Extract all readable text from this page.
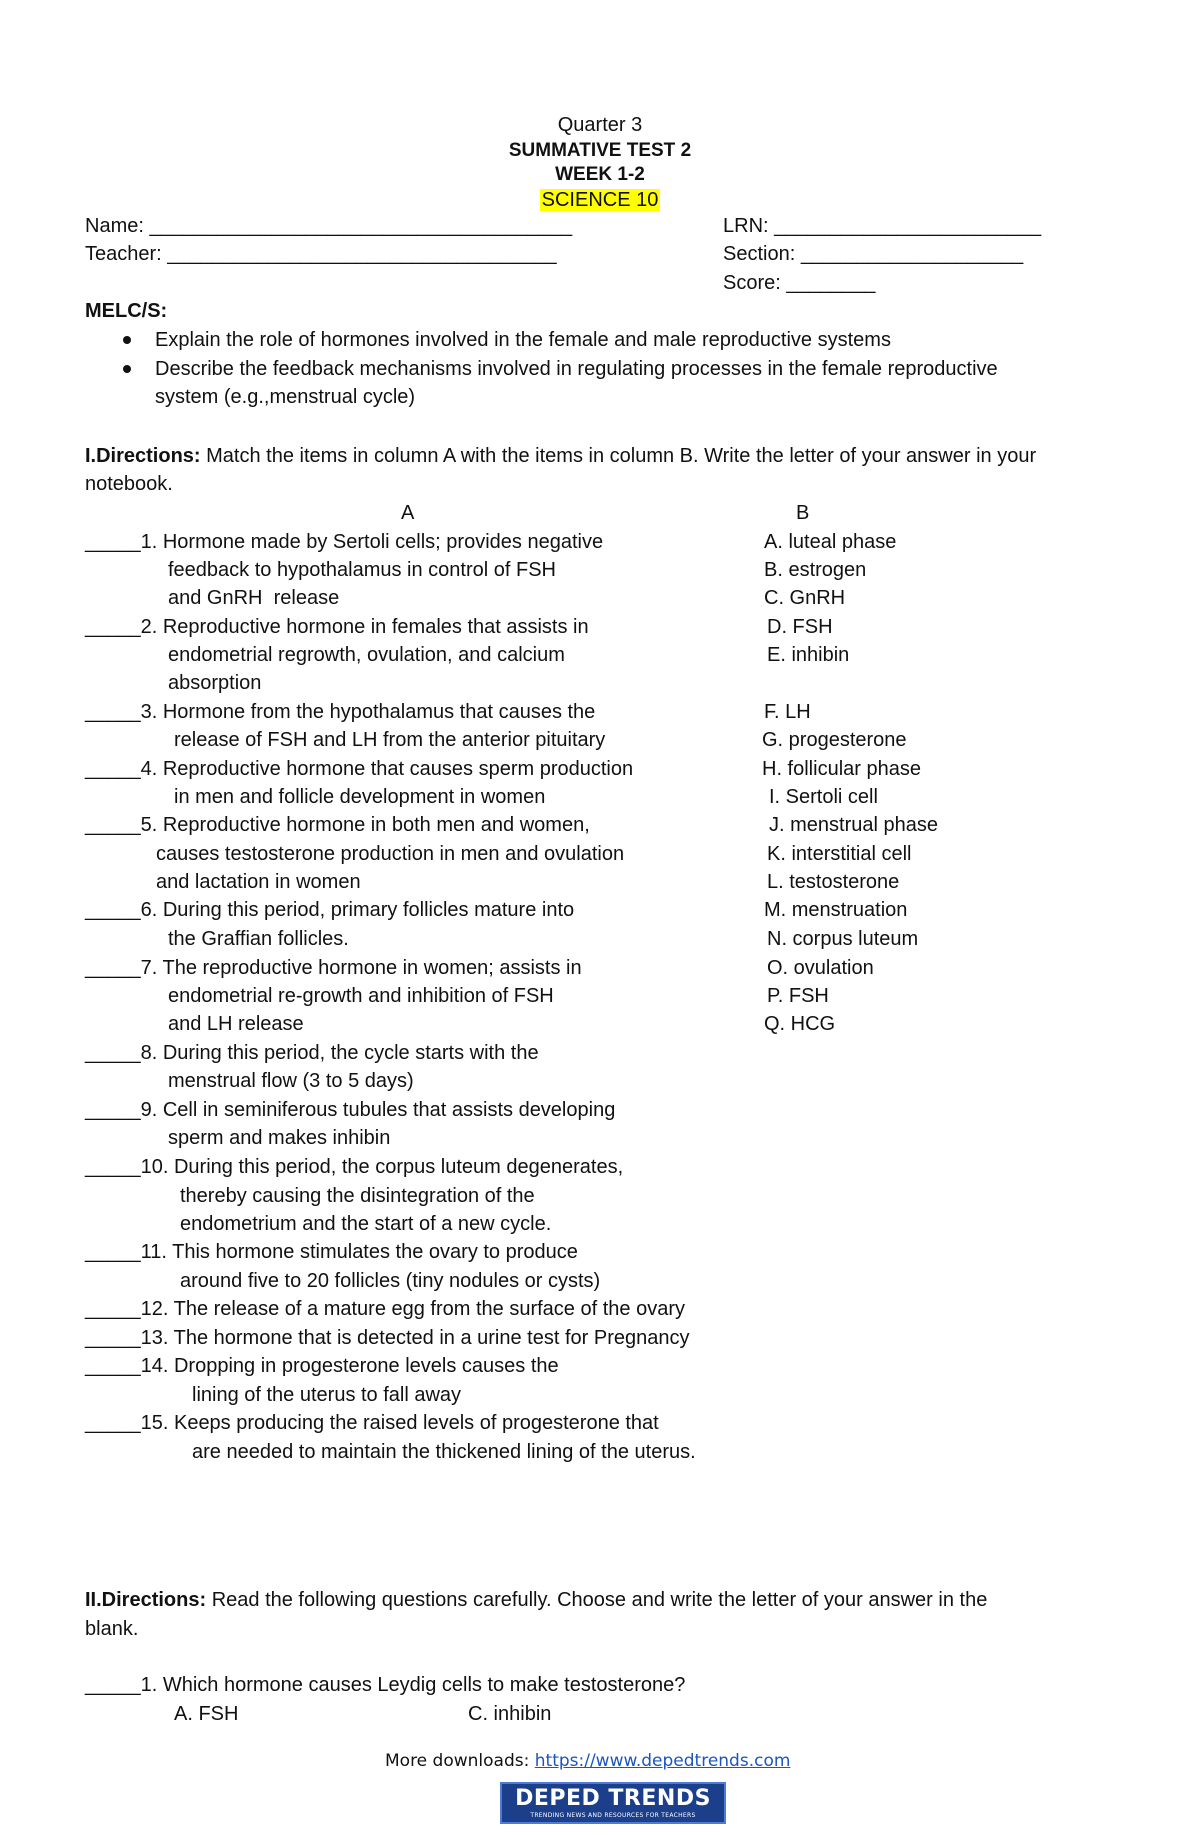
Quarter 3
SUMMATIVE TEST 2
WEEK 1-2
SCIENCE 10
Name: ______________________________________
Teacher: ___________________________________
LRN: ________________________
Section: ____________________
Score: ________
MELC/S:
Explain the role of hormones involved in the female and male reproductive systems
Describe the feedback mechanisms involved in regulating processes in the female reproductive
system (e.g.,menstrual cycle)
I.Directions: Match the items in column A with the items in column B. Write the letter of your answer in your
notebook.
A	B
_____1. Hormone made by Sertoli cells; provides negative
feedback to hypothalamus in control of FSH
and GnRH  release
_____2. Reproductive hormone in females that assists in
endometrial regrowth, ovulation, and calcium
absorption
_____3. Hormone from the hypothalamus that causes the
release of FSH and LH from the anterior pituitary
_____4. Reproductive hormone that causes sperm production
in men and follicle development in women
_____5. Reproductive hormone in both men and women,
causes testosterone production in men and ovulation
and lactation in women
_____6. During this period, primary follicles mature into
the Graffian follicles.
_____7. The reproductive hormone in women; assists in
endometrial re-growth and inhibition of FSH
and LH release
_____8. During this period, the cycle starts with the
menstrual flow (3 to 5 days)
_____9. Cell in seminiferous tubules that assists developing
sperm and makes inhibin
_____10. During this period, the corpus luteum degenerates,
thereby causing the disintegration of the
endometrium and the start of a new cycle.
_____11. This hormone stimulates the ovary to produce
around five to 20 follicles (tiny nodules or cysts)
_____12. The release of a mature egg from the surface of the ovary
_____13. The hormone that is detected in a urine test for Pregnancy
_____14. Dropping in progesterone levels causes the
lining of the uterus to fall away
_____15. Keeps producing the raised levels of progesterone that
are needed to maintain the thickened lining of the uterus.
A. luteal phase
B. estrogen
C. GnRH
D. FSH
E. inhibin
F. LH
G. progesterone
H. follicular phase
I. Sertoli cell
J. menstrual phase
K. interstitial cell
L. testosterone
M. menstruation
N. corpus luteum
O. ovulation
P. FSH
Q. HCG
II.Directions: Read the following questions carefully. Choose and write the letter of your answer in the
blank.
_____1. Which hormone causes Leydig cells to make testosterone?
A. FSH	C. inhibin
More downloads: https://www.depedtrends.com
DEPED TRENDS
TRENDING NEWS AND RESOURCES FOR TEACHERS
